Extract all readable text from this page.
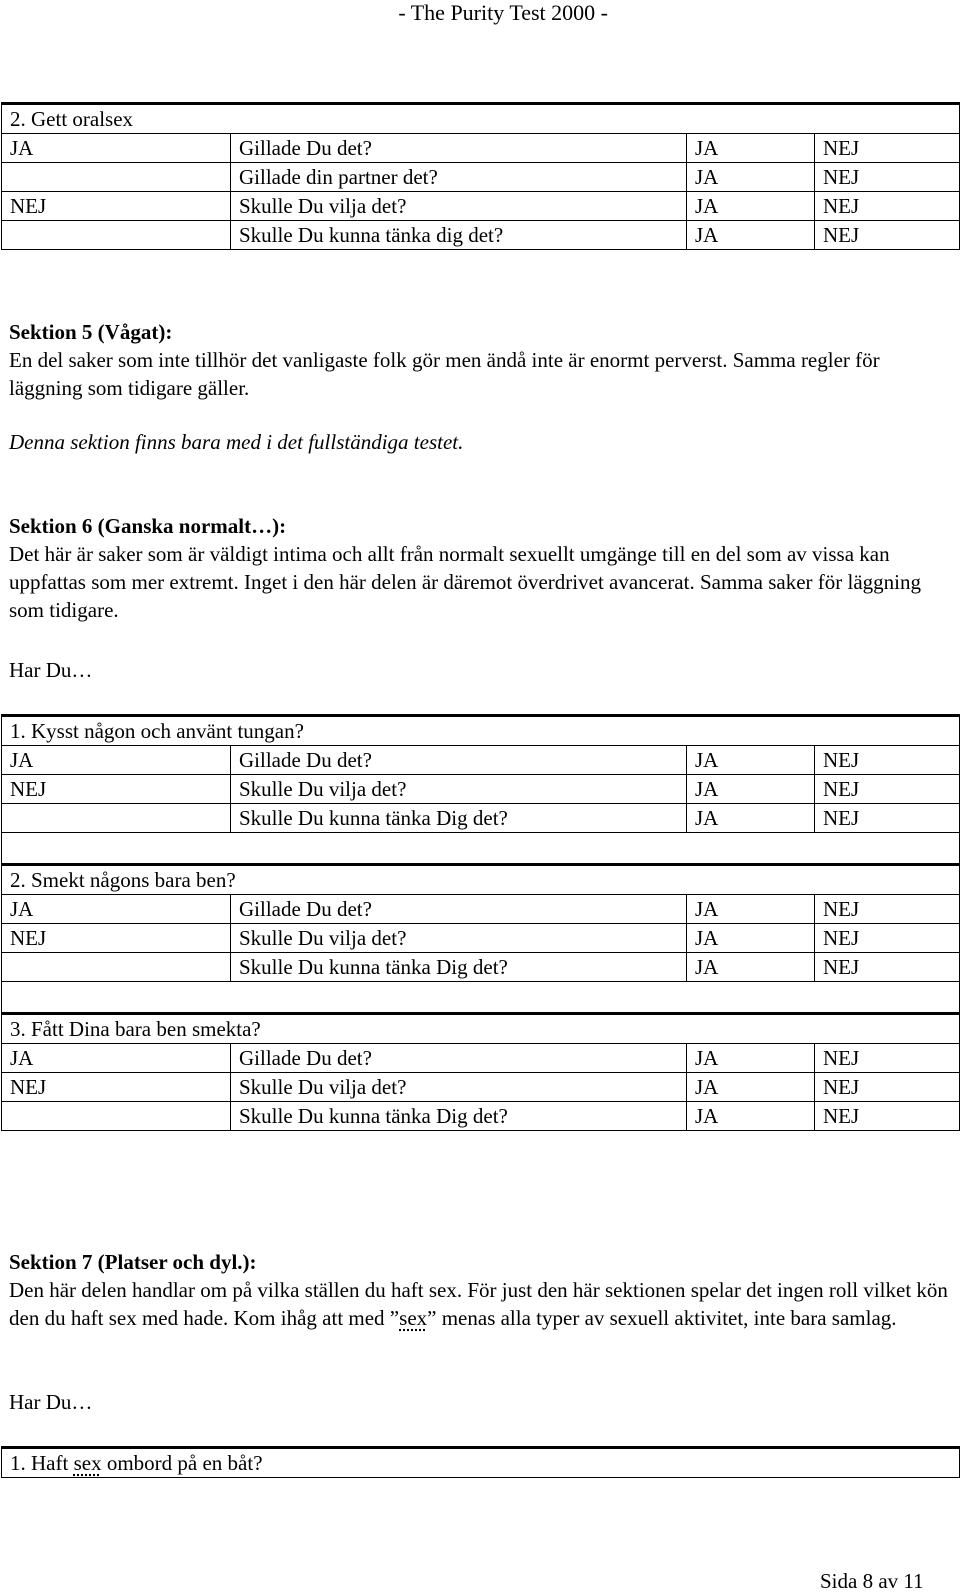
- The Purity Test 2000 -

2. Gett oralsex			
JA	Gillade Du det?	JA	NEJ
	Gillade din partner det?	JA	NEJ
NEJ	Skulle Du vilja det?	JA	NEJ
	Skulle Du kunna tänka dig det?	JA	NEJ
Sektion 5 (Vågat):
En del saker som inte tillhör det vanligaste folk gör men ändå inte är enormt perverst. Samma regler för läggning som tidigare gäller.
Denna sektion finns bara med i det fullständiga testet.
Sektion 6 (Ganska normalt…):
Det här är saker som är väldigt intima och allt från normalt sexuellt umgänge till en del som av vissa kan uppfattas som mer extremt. Inget i den här delen är däremot överdrivet avancerat. Samma saker för läggning som tidigare.
Har Du…
1. Kysst någon och använt tungan?			
JA	Gillade Du det?	JA	NEJ
NEJ	Skulle Du vilja det?	JA	NEJ
	Skulle Du kunna tänka Dig det?	JA	NEJ

2. Smekt någons bara ben?			
JA	Gillade Du det?	JA	NEJ
NEJ	Skulle Du vilja det?	JA	NEJ
	Skulle Du kunna tänka Dig det?	JA	NEJ

3. Fått Dina bara ben smekta?			
JA	Gillade Du det?	JA	NEJ
NEJ	Skulle Du vilja det?	JA	NEJ
	Skulle Du kunna tänka Dig det?	JA	NEJ
Sektion 7 (Platser och dyl.):
Den här delen handlar om på vilka ställen du haft sex. För just den här sektionen spelar det ingen roll vilket kön den du haft sex med hade. Kom ihåg att med ”sex” menas alla typer av sexuell aktivitet, inte bara samlag.
Har Du…
1. Haft sex ombord på en båt?
Sida 8 av 11
